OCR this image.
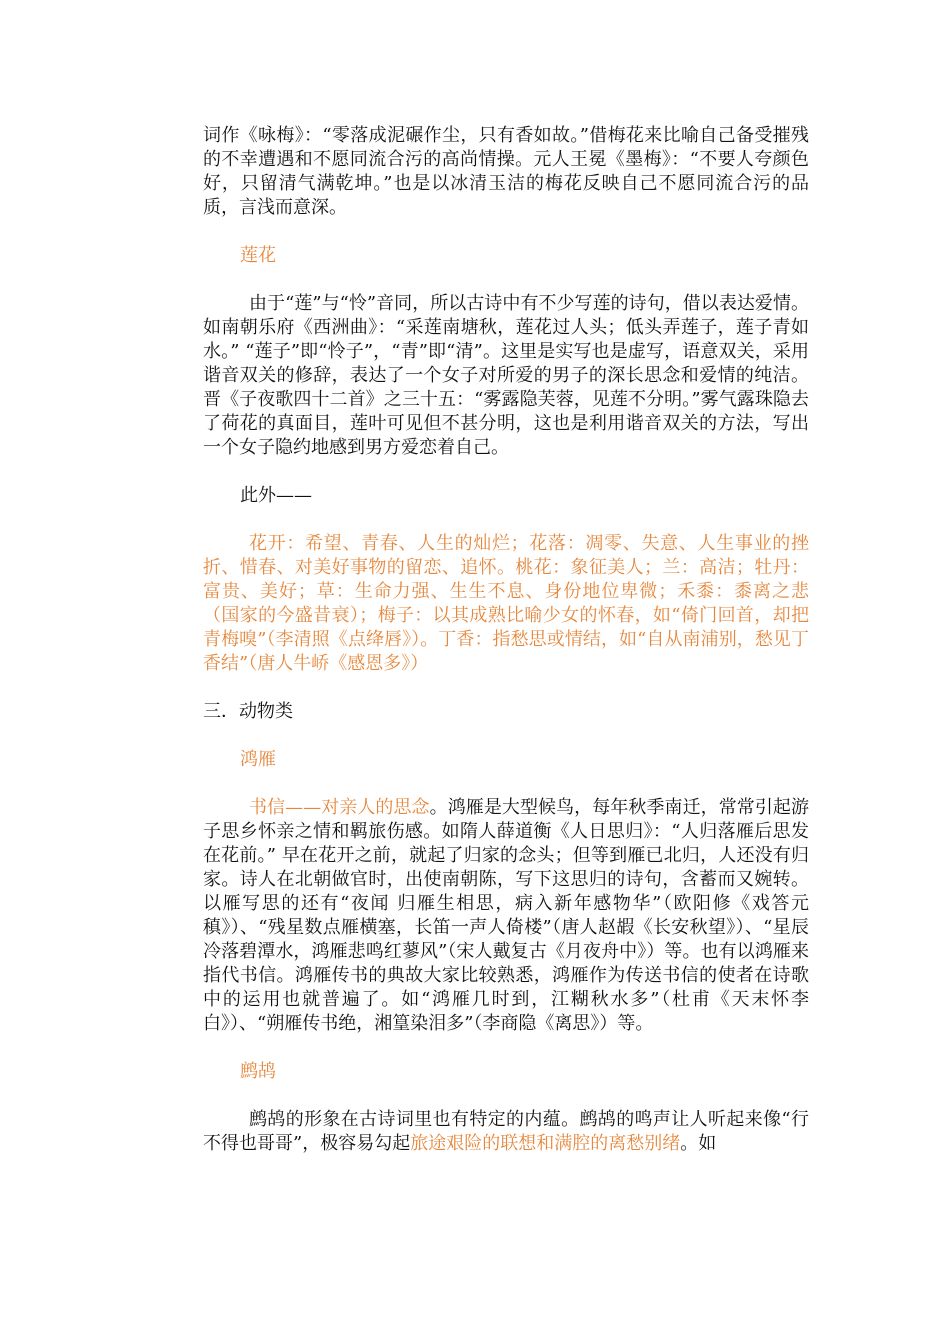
词作《咏梅》：“零落成泥碾作尘，只有香如故。”借梅花来比喻自己备受摧残的不幸遭遇和不愿同流合污的高尚情操。元人王冕《墨梅》：“不要人夸颜色好，只留清气满乾坤。”也是以冰清玉洁的梅花反映自己不愿同流合污的品质，言浅而意深。

莲花

由于“莲”与“怜”音同，所以古诗中有不少写莲的诗句，借以表达爱情。如南朝乐府《西洲曲》：“采莲南塘秋，莲花过人头；低头弄莲子，莲子青如水。” “莲子”即“怜子”，“青”即“清”。这里是实写也是虚写，语意双关，采用谐音双关的修辞，表达了一个女子对所爱的男子的深长思念和爱情的纯洁。晋《子夜歌四十二首》之三十五：“雾露隐芙蓉，见莲不分明。”雾气露珠隐去了荷花的真面目，莲叶可见但不甚分明，这也是利用谐音双关的方法，写出一个女子隐约地感到男方爱恋着自己。

此外——

花开：希望、青春、人生的灿烂；花落：凋零、失意、人生事业的挫折、惜春、对美好事物的留恋、追怀。桃花：象征美人；兰：高洁；牡丹：富贵、美好；草：生命力强、生生不息、身份地位卑微；禾黍：黍离之悲（国家的今盛昔衰）；梅子：以其成熟比喻少女的怀春，如“倚门回首，却把青梅嗅”（李清照《点绛唇》）。丁香：指愁思或情结，如“自从南浦别，愁见丁香结”（唐人牛峤《感恩多》）

三．动物类

鸿雁

书信——对亲人的思念。鸿雁是大型候鸟，每年秋季南迁，常常引起游子思乡怀亲之情和羁旅伤感。如隋人薛道衡《人日思归》：“人归落雁后思发在花前。” 早在花开之前，就起了归家的念头；但等到雁已北归，人还没有归家。诗人在北朝做官时，出使南朝陈，写下这思归的诗句，含蓄而又婉转。以雁写思的还有“夜闻 归雁生相思，病入新年感物华”（欧阳修《戏答元稹》）、“残星数点雁横塞，长笛一声人倚楼”（唐人赵嘏《长安秋望》）、“星辰冷落碧潭水，鸿雁悲鸣红蓼风”（宋人戴复古《月夜舟中》）等。也有以鸿雁来指代书信。鸿雁传书的典故大家比较熟悉，鸿雁作为传送书信的使者在诗歌中的运用也就普遍了。如“鸿雁几时到，江糊秋水多”（杜甫《天末怀李白》）、“朔雁传书绝，湘篁染泪多”（李商隐《离思》）等。

鹧鸪

鹧鸪的形象在古诗词里也有特定的内蕴。鹧鸪的鸣声让人听起来像“行不得也哥哥”，极容易勾起旅途艰险的联想和满腔的离愁别绪。如
